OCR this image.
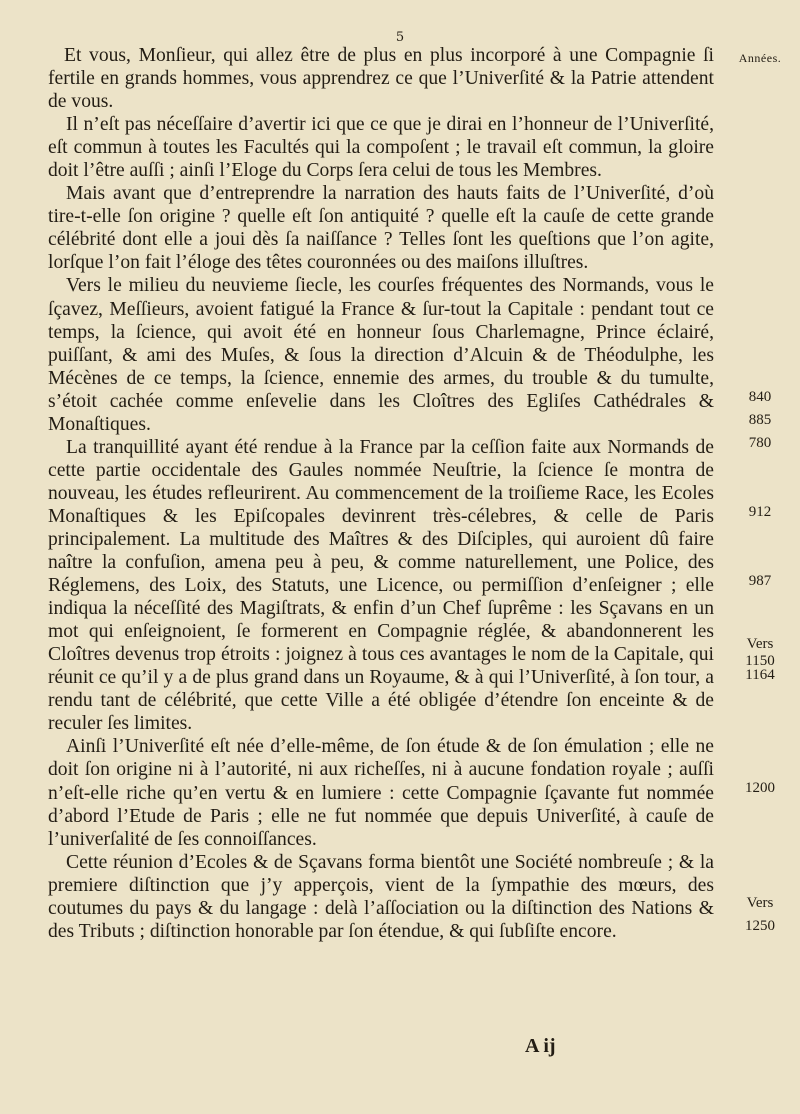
5

Et vous, Monſieur, qui allez être de plus en plus incorporé à une Compagnie ſi fertile en grands hommes, vous apprendrez ce que l’Univerſité & la Patrie attendent de vous.

Il n’eſt pas néceſſaire d’avertir ici que ce que je dirai en l’honneur de l’Univerſité, eſt commun à toutes les Facultés qui la compoſent ; le travail eſt commun, la gloire doit l’être auſſi ; ainſi l’Eloge du Corps ſera celui de tous les Membres.

Mais avant que d’entreprendre la narration des hauts faits de l’Univerſité, d’où tire-t-elle ſon origine ? quelle eſt ſon antiquité ? quelle eſt la cauſe de cette grande célébrité dont elle a joui dès ſa naiſſance ? Telles ſont les queſtions que l’on agite, lorſque l’on fait l’éloge des têtes couronnées ou des maiſons illuſtres.

Vers le milieu du neuvieme ſiecle, les courſes fréquentes des Normands, vous le ſçavez, Meſſieurs, avoient fatigué la France & ſur-tout la Capitale : pendant tout ce temps, la ſcience, qui avoit été en honneur ſous Charlemagne, Prince éclairé, puiſſant, & ami des Muſes, & ſous la direction d’Alcuin & de Théodulphe, les Mécènes de ce temps, la ſcience, ennemie des armes, du trouble & du tumulte, s’étoit cachée comme enſevelie dans les Cloîtres des Egliſes Cathédrales & Monaſtiques.

La tranquillité ayant été rendue à la France par la ceſſion faite aux Normands de cette partie occidentale des Gaules nommée Neuſtrie, la ſcience ſe montra de nouveau, les études refleurirent. Au commencement de la troiſieme Race, les Ecoles Monaſtiques & les Epiſcopales devinrent très-célebres, & celle de Paris principalement. La multitude des Maîtres & des Diſciples, qui auroient dû faire naître la confuſion, amena peu à peu, & comme naturellement, une Police, des Réglemens, des Loix, des Statuts, une Licence, ou permiſſion d’enſeigner ; elle indiqua la néceſſité des Magiſtrats, & enfin d’un Chef ſuprême : les Sçavans en un mot qui enſeignoient, ſe formerent en Compagnie réglée, & abandonnerent les Cloîtres devenus trop étroits : joignez à tous ces avantages le nom de la Capitale, qui réunit ce qu’il y a de plus grand dans un Royaume, & à qui l’Univerſité, à ſon tour, a rendu tant de célébrité, que cette Ville a été obligée d’étendre ſon enceinte & de reculer ſes limites.

Ainſi l’Univerſité eſt née d’elle-même, de ſon étude & de ſon émulation ; elle ne doit ſon origine ni à l’autorité, ni aux richeſſes, ni à aucune fondation royale ; auſſi n’eſt-elle riche qu’en vertu & en lumiere : cette Compagnie ſçavante fut nommée d’abord l’Etude de Paris ; elle ne fut nommée que depuis Univerſité, à cauſe de l’univerſalité de ſes connoiſſances.

Cette réunion d’Ecoles & de Sçavans forma bientôt une Société nombreuſe ; & la premiere diſtinction que j’y apperçois, vient de la ſympathie des mœurs, des coutumes du pays & du langage : delà l’aſſociation ou la diſtinction des Nations & des Tributs ; diſtinction honorable par ſon étendue, & qui ſubſiſte encore.

Années.
840
885
780
912
987
Vers
1150
1164
1200
Vers
1250
A ij
